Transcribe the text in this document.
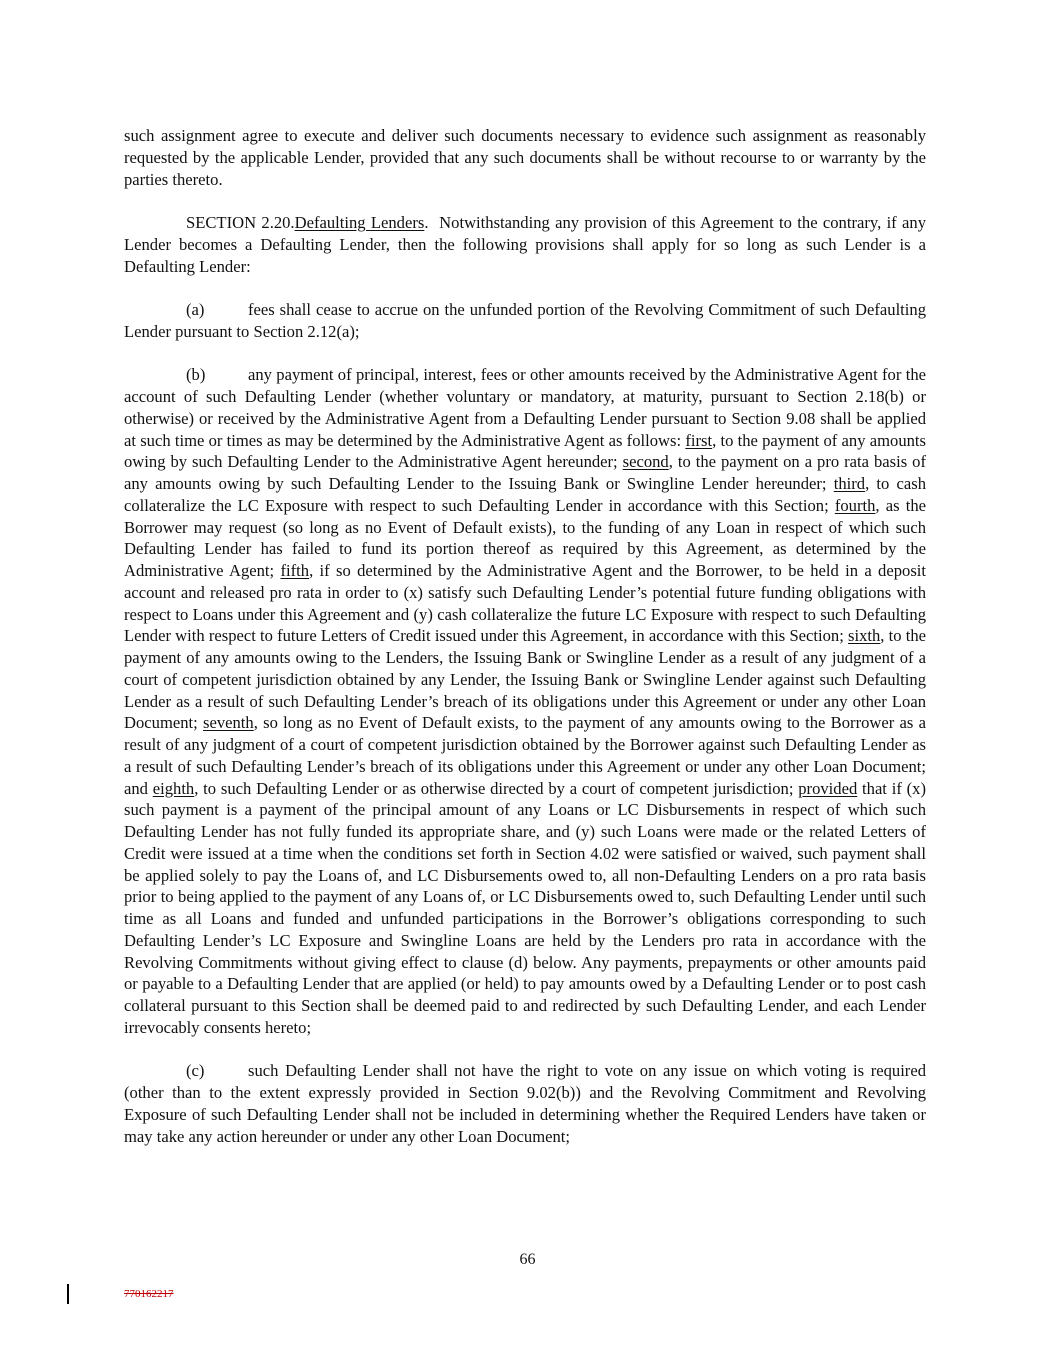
such assignment agree to execute and deliver such documents necessary to evidence such assignment as reasonably requested by the applicable Lender, provided that any such documents shall be without recourse to or warranty by the parties thereto.

SECTION 2.20.Defaulting Lenders. Notwithstanding any provision of this Agreement to the contrary, if any Lender becomes a Defaulting Lender, then the following provisions shall apply for so long as such Lender is a Defaulting Lender:

(a)	fees shall cease to accrue on the unfunded portion of the Revolving Commitment of such Defaulting Lender pursuant to Section 2.12(a);

(b)	any payment of principal, interest, fees or other amounts received by the Administrative Agent for the account of such Defaulting Lender (whether voluntary or mandatory, at maturity, pursuant to Section 2.18(b) or otherwise) or received by the Administrative Agent from a Defaulting Lender pursuant to Section 9.08 shall be applied at such time or times as may be determined by the Administrative Agent as follows: first, to the payment of any amounts owing by such Defaulting Lender to the Administrative Agent hereunder; second, to the payment on a pro rata basis of any amounts owing by such Defaulting Lender to the Issuing Bank or Swingline Lender hereunder; third, to cash collateralize the LC Exposure with respect to such Defaulting Lender in accordance with this Section; fourth, as the Borrower may request (so long as no Event of Default exists), to the funding of any Loan in respect of which such Defaulting Lender has failed to fund its portion thereof as required by this Agreement, as determined by the Administrative Agent; fifth, if so determined by the Administrative Agent and the Borrower, to be held in a deposit account and released pro rata in order to (x) satisfy such Defaulting Lender’s potential future funding obligations with respect to Loans under this Agreement and (y) cash collateralize the future LC Exposure with respect to such Defaulting Lender with respect to future Letters of Credit issued under this Agreement, in accordance with this Section; sixth, to the payment of any amounts owing to the Lenders, the Issuing Bank or Swingline Lender as a result of any judgment of a court of competent jurisdiction obtained by any Lender, the Issuing Bank or Swingline Lender against such Defaulting Lender as a result of such Defaulting Lender’s breach of its obligations under this Agreement or under any other Loan Document; seventh, so long as no Event of Default exists, to the payment of any amounts owing to the Borrower as a result of any judgment of a court of competent jurisdiction obtained by the Borrower against such Defaulting Lender as a result of such Defaulting Lender’s breach of its obligations under this Agreement or under any other Loan Document; and eighth, to such Defaulting Lender or as otherwise directed by a court of competent jurisdiction; provided that if (x) such payment is a payment of the principal amount of any Loans or LC Disbursements in respect of which such Defaulting Lender has not fully funded its appropriate share, and (y) such Loans were made or the related Letters of Credit were issued at a time when the conditions set forth in Section 4.02 were satisfied or waived, such payment shall be applied solely to pay the Loans of, and LC Disbursements owed to, all non-Defaulting Lenders on a pro rata basis prior to being applied to the payment of any Loans of, or LC Disbursements owed to, such Defaulting Lender until such time as all Loans and funded and unfunded participations in the Borrower’s obligations corresponding to such Defaulting Lender’s LC Exposure and Swingline Loans are held by the Lenders pro rata in accordance with the Revolving Commitments without giving effect to clause (d) below. Any payments, prepayments or other amounts paid or payable to a Defaulting Lender that are applied (or held) to pay amounts owed by a Defaulting Lender or to post cash collateral pursuant to this Section shall be deemed paid to and redirected by such Defaulting Lender, and each Lender irrevocably consents hereto;

(c)	such Defaulting Lender shall not have the right to vote on any issue on which voting is required (other than to the extent expressly provided in Section 9.02(b)) and the Revolving Commitment and Revolving Exposure of such Defaulting Lender shall not be included in determining whether the Required Lenders have taken or may take any action hereunder or under any other Loan Document;

66
770162217
